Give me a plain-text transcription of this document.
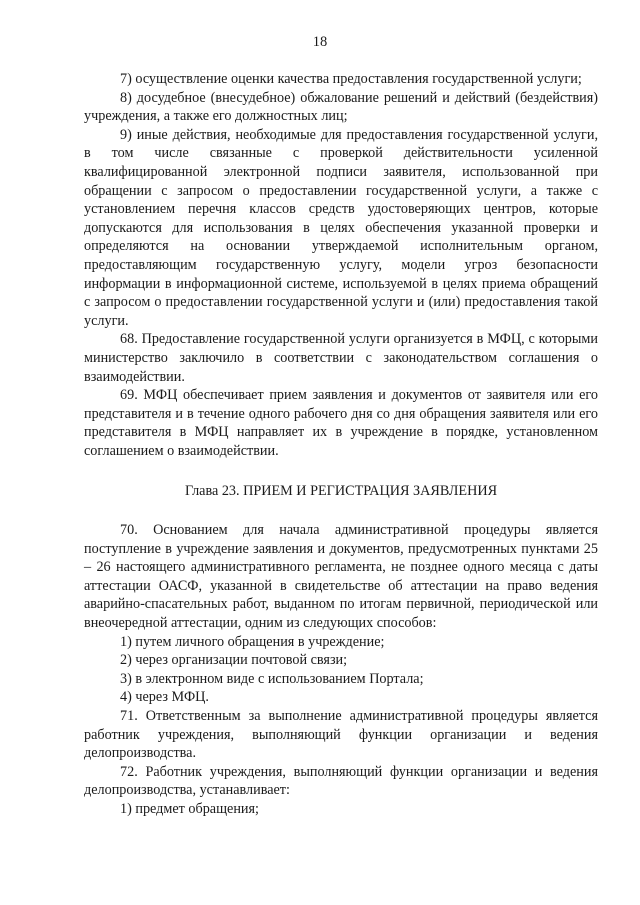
18

7) осуществление оценки качества предоставления государственной услуги;

8) досудебное (внесудебное) обжалование решений и действий (бездействия) учреждения, а также его должностных лиц;

9) иные действия, необходимые для предоставления государственной услуги, в том числе связанные с проверкой действительности усиленной квалифицированной электронной подписи заявителя, использованной при обращении с запросом о предоставлении государственной услуги, а также с установлением перечня классов средств удостоверяющих центров, которые допускаются для использования в целях обеспечения указанной проверки и определяются на основании утверждаемой исполнительным органом, предоставляющим государственную услугу, модели угроз безопасности информации в информационной системе, используемой в целях приема обращений с запросом о предоставлении государственной услуги и (или) предоставления такой услуги.

68. Предоставление государственной услуги организуется в МФЦ, с которыми министерство заключило в соответствии с законодательством соглашения о взаимодействии.

69. МФЦ обеспечивает прием заявления и документов от заявителя или его представителя и в течение одного рабочего дня со дня обращения заявителя или его представителя в МФЦ направляет их в учреждение в порядке, установленном соглашением о взаимодействии.

Глава 23. ПРИЕМ И РЕГИСТРАЦИЯ ЗАЯВЛЕНИЯ

70. Основанием для начала административной процедуры является поступление в учреждение заявления и документов, предусмотренных пунктами 25 – 26 настоящего административного регламента, не позднее одного месяца с даты аттестации ОАСФ, указанной в свидетельстве об аттестации на право ведения аварийно-спасательных работ, выданном по итогам первичной, периодической или внеочередной аттестации, одним из следующих способов:

1) путем личного обращения в учреждение;

2) через организации почтовой связи;

3) в электронном виде с использованием Портала;

4) через МФЦ.

71. Ответственным за выполнение административной процедуры является работник учреждения, выполняющий функции организации и ведения делопроизводства.

72. Работник учреждения, выполняющий функции организации и ведения делопроизводства, устанавливает:

1) предмет обращения;
